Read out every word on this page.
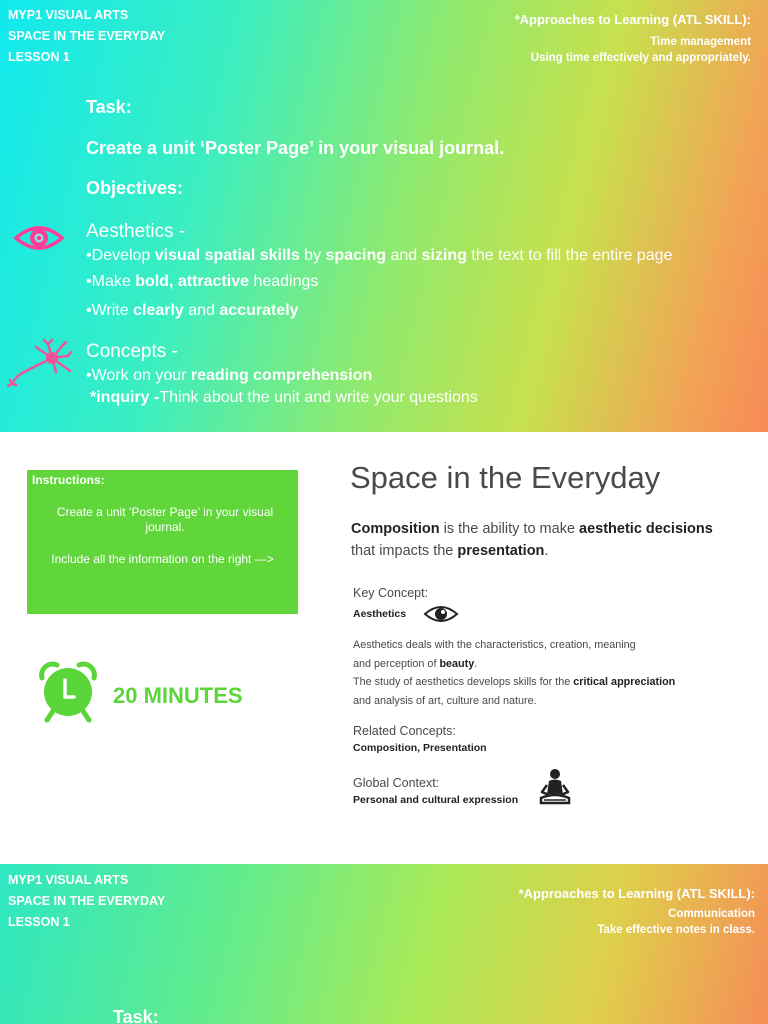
MYP1 VISUAL ARTS
SPACE IN THE EVERYDAY
LESSON 1
*Approaches to Learning (ATL SKILL):
Time management
Using time effectively and appropriately.
Task:
Create a unit ‘Poster Page’ in your visual journal.
Objectives:
Aesthetics -
•Develop visual spatial skills by spacing and sizing the text to fill the entire page
•Make bold, attractive headings
•Write clearly and accurately
Concepts -
•Work on your reading comprehension
*inquiry -Think about the unit and write your questions
Instructions:
Create a unit ‘Poster Page’ in your visual journal.
Include all the information on the right —>
20 MINUTES
Space in the Everyday
Composition is the ability to make aesthetic decisions
that impacts the presentation.
Key Concept:
Aesthetics
Aesthetics deals with the characteristics, creation, meaning
and perception of beauty.
The study of aesthetics develops skills for the critical appreciation
and analysis of art, culture and nature.
Related Concepts:
Composition, Presentation
Global Context:
Personal and cultural expression
MYP1 VISUAL ARTS
SPACE IN THE EVERYDAY
LESSON 1
*Approaches to Learning (ATL SKILL):
Communication
Take effective notes in class.
Task:
